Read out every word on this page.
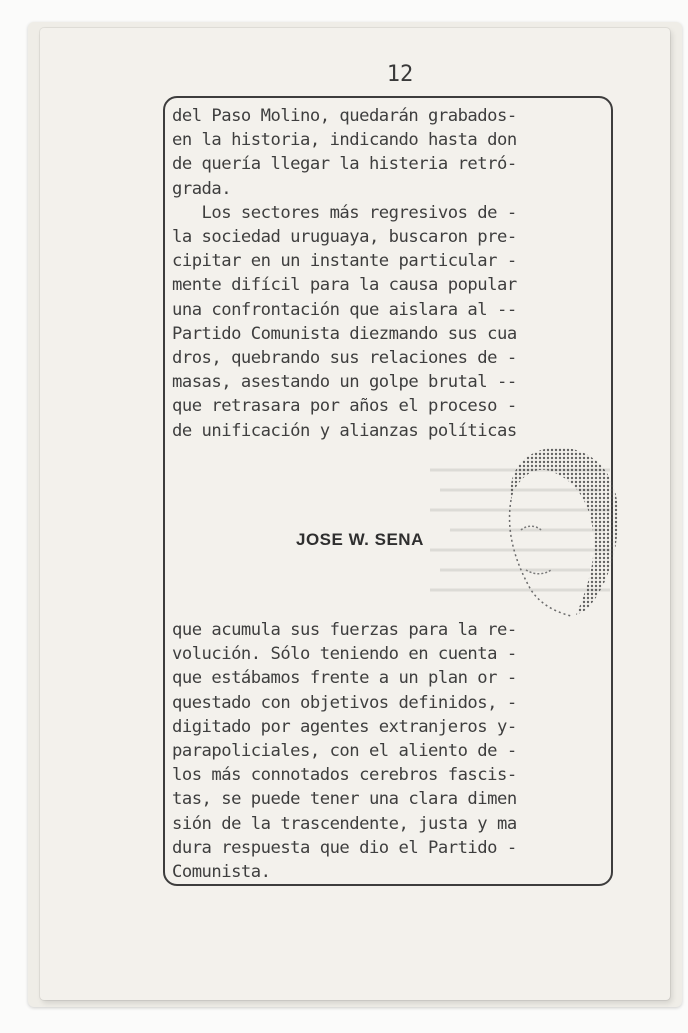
12
del Paso Molino, quedarán grabados-
en la historia, indicando hasta don
de quería llegar la histeria retró-
grada.
Los sectores más regresivos de -
la sociedad uruguaya, buscaron pre-
cipitar en un instante particular -
mente difícil para la causa popular
una confrontación que aislara al --
Partido Comunista diezmando sus cua
dros, quebrando sus relaciones de -
masas, asestando un golpe brutal --
que retrasara por años el proceso -
de unificación y alianzas políticas
JOSE W. SENA
que acumula sus fuerzas para la re-
volución. Sólo teniendo en cuenta -
que estábamos frente a un plan or -
questado con objetivos definidos, -
digitado por agentes extranjeros y-
parapoliciales, con el aliento de -
los más connotados cerebros fascis-
tas, se puede tener una clara dimen
sión de la trascendente, justa y ma
dura respuesta que dio el Partido -
Comunista.
